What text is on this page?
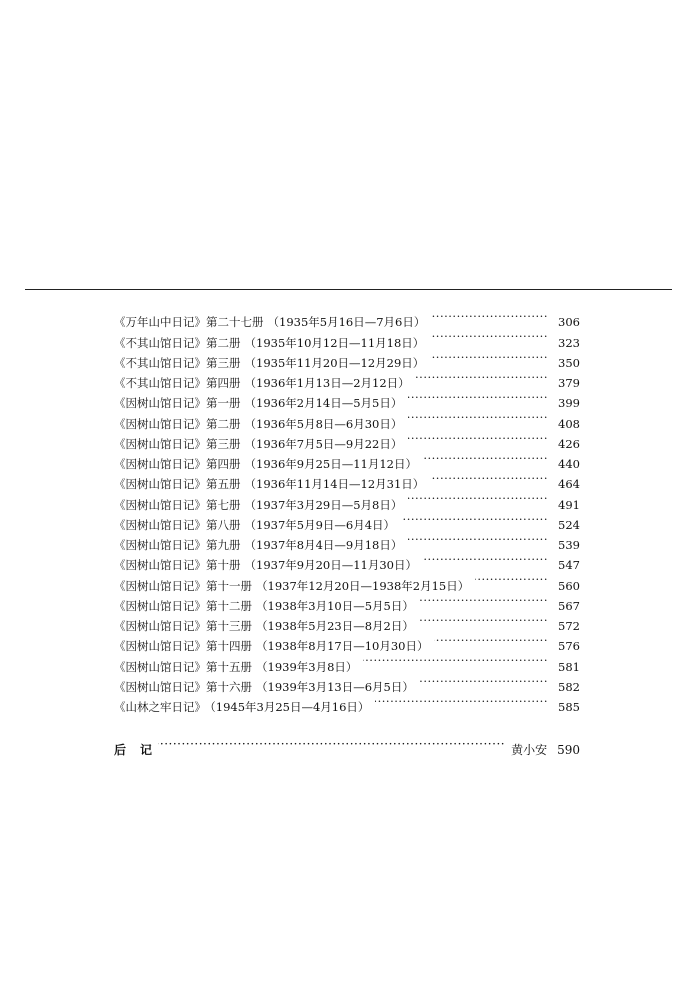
《万年山中日记》第二十七册 （1935年5月16日—7月6日） ·····	306
《不其山馆日记》第二册 （1935年10月12日—11月18日） ·····	323
《不其山馆日记》第三册 （1935年11月20日—12月29日） ·····	350
《不其山馆日记》第四册 （1936年1月13日—2月12日） ·····	379
《因树山馆日记》第一册 （1936年2月14日—5月5日） ·····	399
《因树山馆日记》第二册 （1936年5月8日—6月30日） ·····	408
《因树山馆日记》第三册 （1936年7月5日—9月22日） ·····	426
《因树山馆日记》第四册 （1936年9月25日—11月12日） ·····	440
《因树山馆日记》第五册 （1936年11月14日—12月31日） ·····	464
《因树山馆日记》第七册 （1937年3月29日—5月8日） ·····	491
《因树山馆日记》第八册 （1937年5月9日—6月4日） ·····	524
《因树山馆日记》第九册 （1937年8月4日—9月18日） ·····	539
《因树山馆日记》第十册 （1937年9月20日—11月30日） ·····	547
《因树山馆日记》第十一册 （1937年12月20日—1938年2月15日） ·····	560
《因树山馆日记》第十二册 （1938年3月10日—5月5日） ·····	567
《因树山馆日记》第十三册 （1938年5月23日—8月2日） ·····	572
《因树山馆日记》第十四册 （1938年8月17日—10月30日） ·····	576
《因树山馆日记》第十五册 （1939年3月8日） ·····	581
《因树山馆日记》第十六册 （1939年3月13日—6月5日） ·····	582
《山林之牢日记》 （1945年3月25日—4月16日） ·····	585
后记 ·····	黄小安 590
